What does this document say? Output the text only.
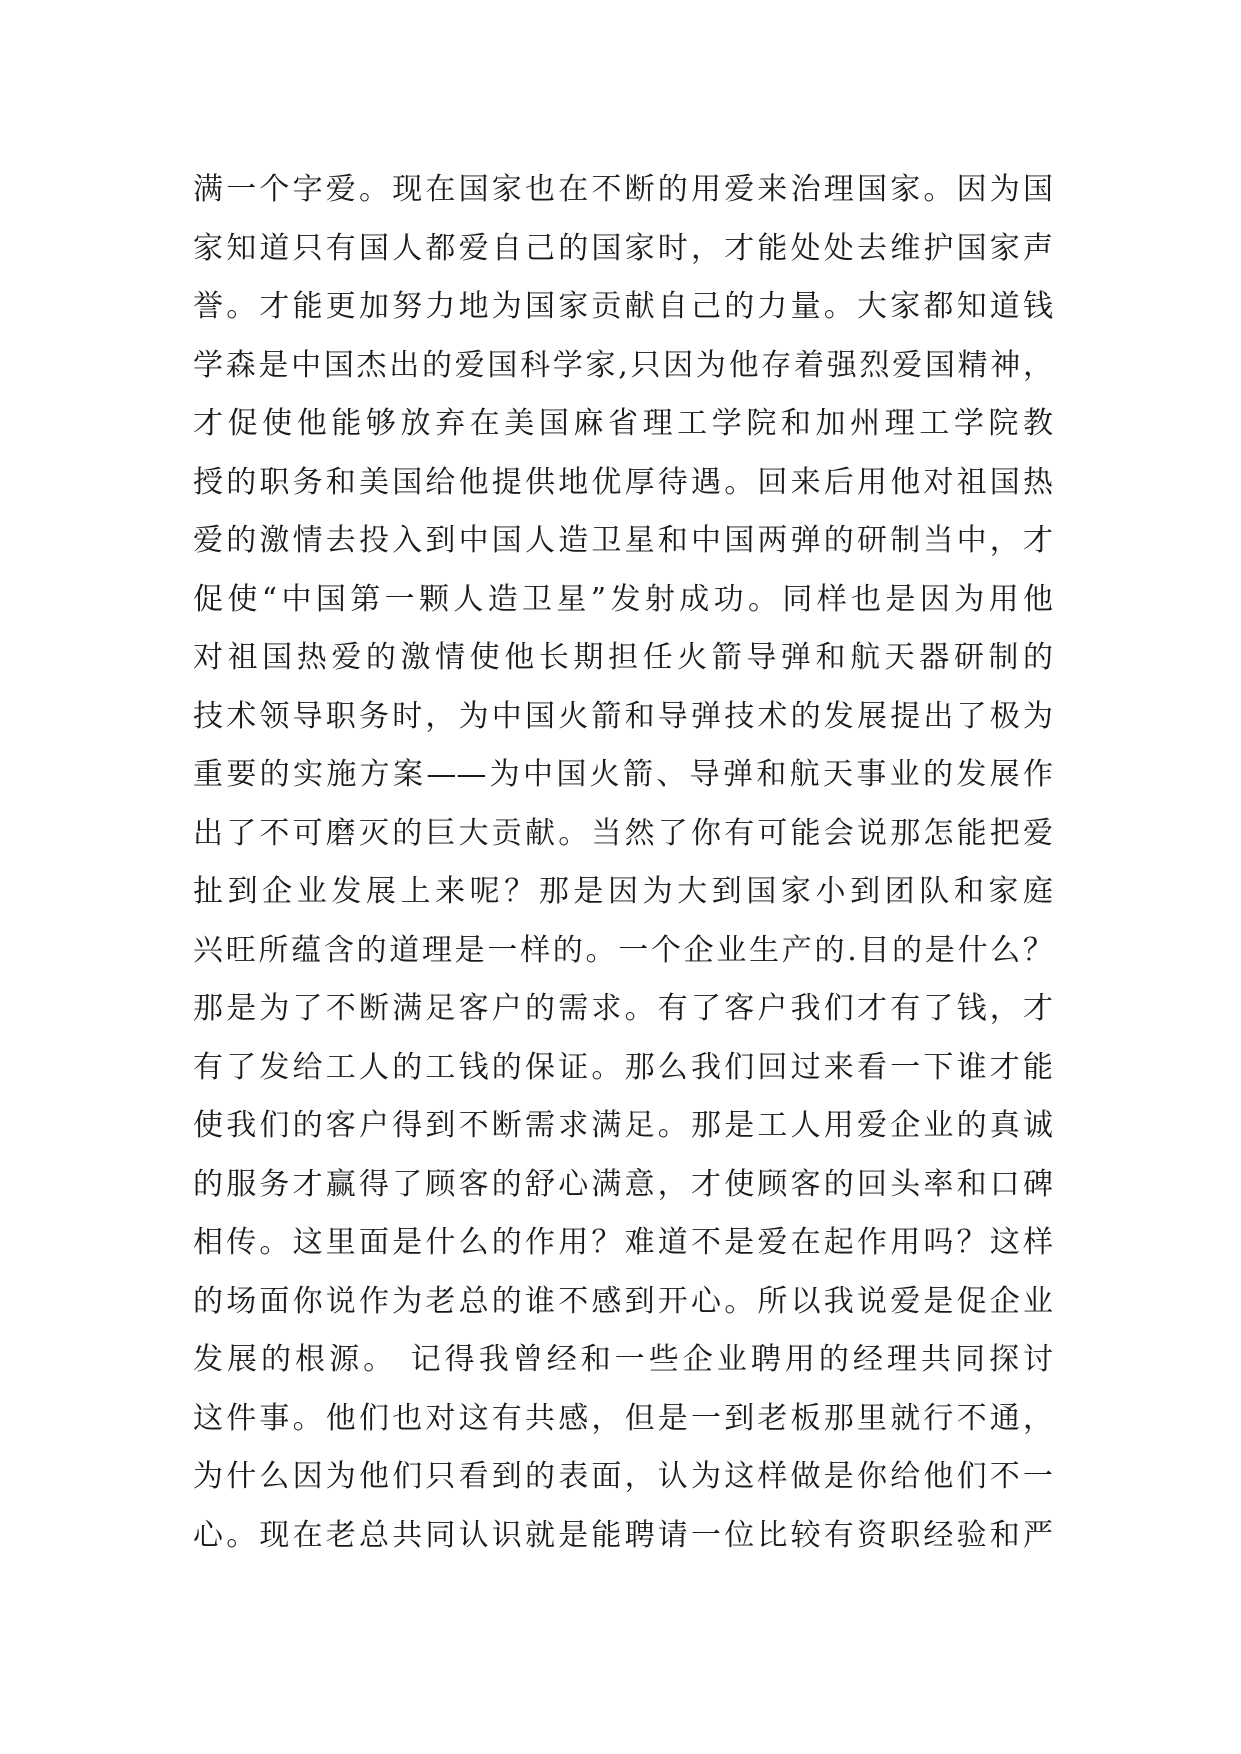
满一个字爱。现在国家也在不断的用爱来治理国家。因为国
家知道只有国人都爱自己的国家时，才能处处去维护国家声
誉。才能更加努力地为国家贡献自己的力量。大家都知道钱
学森是中国杰出的爱国科学家,只因为他存着强烈爱国精神，
才促使他能够放弃在美国麻省理工学院和加州理工学院教
授的职务和美国给他提供地优厚待遇。回来后用他对祖国热
爱的激情去投入到中国人造卫星和中国两弹的研制当中，才
促使“中国第一颗人造卫星”发射成功。同样也是因为用他
对祖国热爱的激情使他长期担任火箭导弹和航天器研制的
技术领导职务时，为中国火箭和导弹技术的发展提出了极为
重要的实施方案——为中国火箭、导弹和航天事业的发展作
出了不可磨灭的巨大贡献。当然了你有可能会说那怎能把爱
扯到企业发展上来呢？那是因为大到国家小到团队和家庭
兴旺所蕴含的道理是一样的。一个企业生产的.目的是什么？
那是为了不断满足客户的需求。有了客户我们才有了钱，才
有了发给工人的工钱的保证。那么我们回过来看一下谁才能
使我们的客户得到不断需求满足。那是工人用爱企业的真诚
的服务才赢得了顾客的舒心满意，才使顾客的回头率和口碑
相传。这里面是什么的作用？难道不是爱在起作用吗？这样
的场面你说作为老总的谁不感到开心。所以我说爱是促企业
发展的根源。 记得我曾经和一些企业聘用的经理共同探讨
这件事。他们也对这有共感，但是一到老板那里就行不通，
为什么因为他们只看到的表面，认为这样做是你给他们不一
心。现在老总共同认识就是能聘请一位比较有资职经验和严
